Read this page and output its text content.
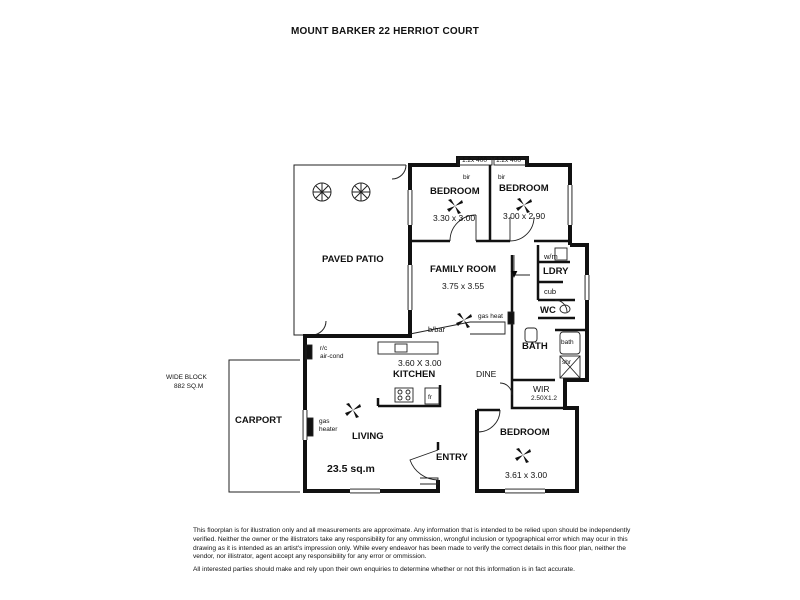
MOUNT BARKER 22 HERRIOT COURT
1.2x 400 1.2x 400
bir	bir
BEDROOM
3.30 x 3.00
BEDROOM
3.00 x 2.90
PAVED PATIO
FAMILY ROOM
3.75 x 3.55
w/m
LDRY
cub
WC
b/bar
gas heat
BATH bath
shr
r/c
air-cond
3.60 X 3.00
KITCHEN	DINE
fr
WIR
2.50X1.2
WIDE BLOCK
882 SQ.M
CARPORT	gas
heater
LIVING
23.5 sq.m
BEDROOM
3.61 x 3.00
ENTRY

This floorplan is for illustration only and all measurements are approximate. Any information that is intended to be relied upon should be independently verified. Neither the owner or the illistrators take any responsibility for any ommission, wrongful inclusion or typographical error which may ocur in this drawing as it is intended as an artist's impression only. While every endeavor has been made to verify the correct details in this floor plan, neither the vendor, nor illistrator, agent accept any responsibility for any error or ommission.

All interested parties should make and rely upon their own enquiries to determine whether or not this information is in fact accurate.
